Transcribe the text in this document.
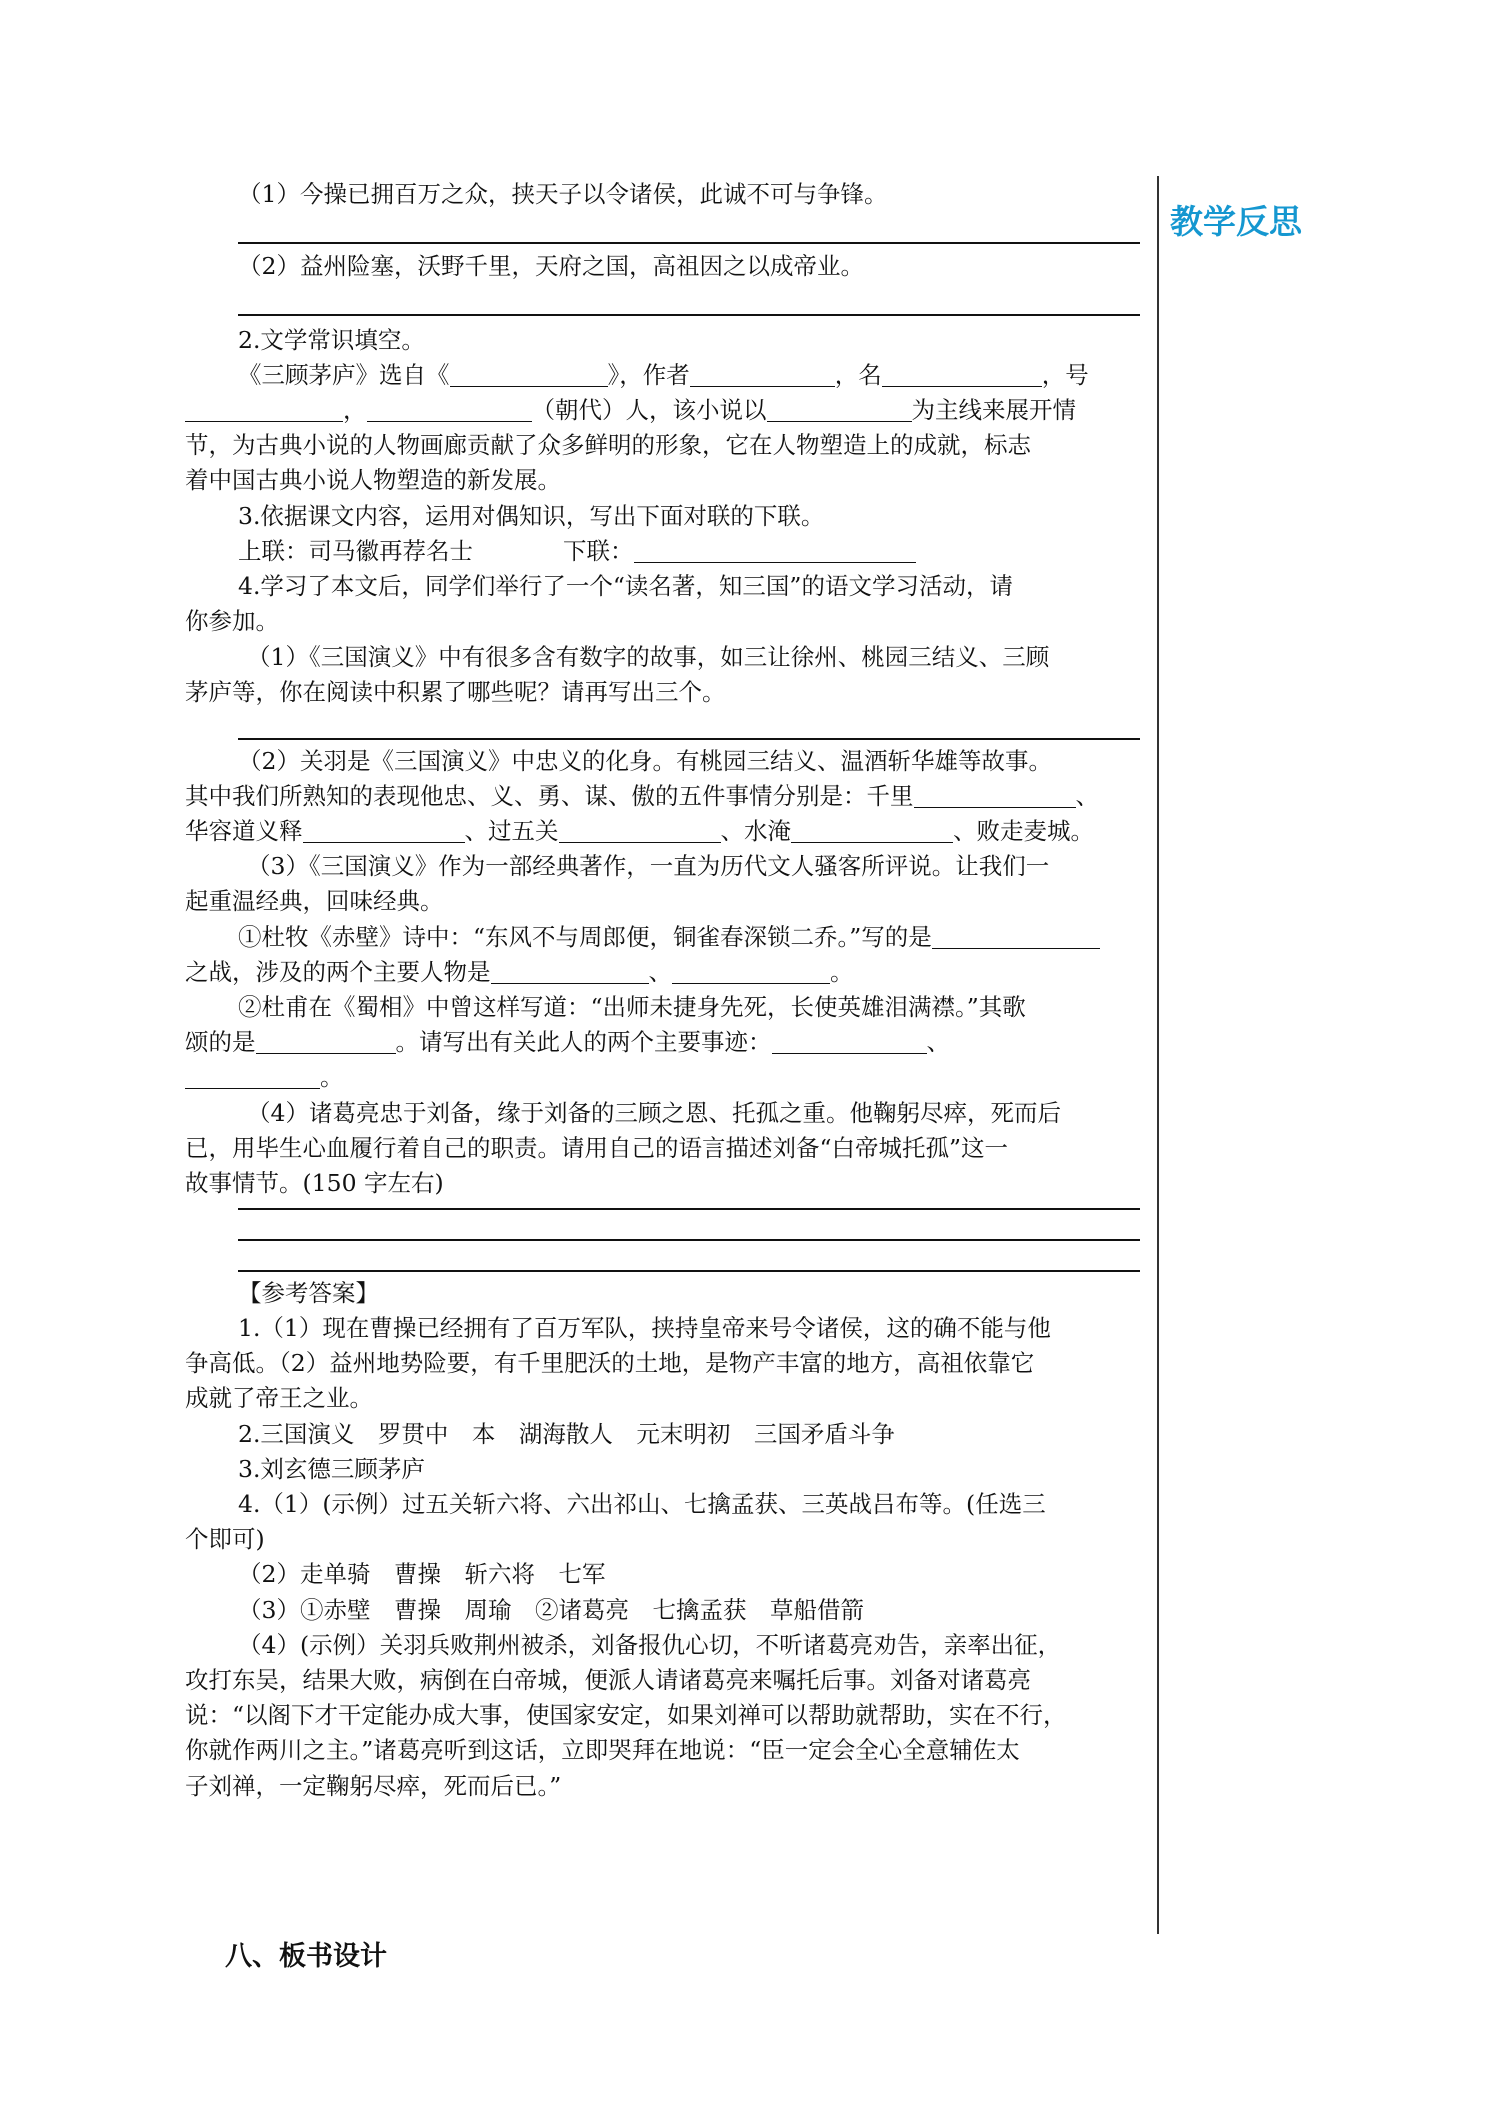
教学反思
（1）今操已拥百万之众，挟天子以令诸侯，此诚不可与争锋。
（2）益州险塞，沃野千里，天府之国，高祖因之以成帝业。
2.文学常识填空。
《三顾茅庐》选自《	》，作者	，名	，号
，	（朝代）人，该小说以	为主线来展开情
节，为古典小说的人物画廊贡献了众多鲜明的形象，它在人物塑造上的成就，标志
着中国古典小说人物塑造的新发展。
3.依据课文内容，运用对偶知识，写出下面对联的下联。
上联：司马徽再荐名士	下联：
4.学习了本文后，同学们举行了一个“读名著，知三国”的语文学习活动，请
你参加。
（1）《三国演义》中有很多含有数字的故事，如三让徐州、桃园三结义、三顾
茅庐等，你在阅读中积累了哪些呢？请再写出三个。
（2）关羽是《三国演义》中忠义的化身。有桃园三结义、温酒斩华雄等故事。
其中我们所熟知的表现他忠、义、勇、谋、傲的五件事情分别是：千里	、
华容道义释	、过五关	、水淹	、败走麦城。
（3）《三国演义》作为一部经典著作，一直为历代文人骚客所评说。让我们一
起重温经典，回味经典。
①杜牧《赤壁》诗中：“东风不与周郎便，铜雀春深锁二乔。”写的是
之战，涉及的两个主要人物是	、	。
②杜甫在《蜀相》中曾这样写道：“出师未捷身先死，长使英雄泪满襟。”其歌
颂的是	。请写出有关此人的两个主要事迹：	、
。
（4）诸葛亮忠于刘备，缘于刘备的三顾之恩、托孤之重。他鞠躬尽瘁，死而后
已，用毕生心血履行着自己的职责。请用自己的语言描述刘备“白帝城托孤”这一
故事情节。(150 字左右)
【参考答案】
1.（1）现在曹操已经拥有了百万军队，挟持皇帝来号令诸侯，这的确不能与他
争高低。（2）益州地势险要，有千里肥沃的土地，是物产丰富的地方，高祖依靠它
成就了帝王之业。
2.三国演义　罗贯中　本　湖海散人　元末明初　三国矛盾斗争
3.刘玄德三顾茅庐
4.（1）(示例）过五关斩六将、六出祁山、七擒孟获、三英战吕布等。(任选三
个即可)
（2）走单骑　曹操　斩六将　七军
（3）①赤壁　曹操　周瑜　②诸葛亮　七擒孟获　草船借箭
（4）(示例）关羽兵败荆州被杀，刘备报仇心切，不听诸葛亮劝告，亲率出征，
攻打东吴，结果大败，病倒在白帝城，便派人请诸葛亮来嘱托后事。刘备对诸葛亮
说：“以阁下才干定能办成大事，使国家安定，如果刘禅可以帮助就帮助，实在不行，
你就作两川之主。”诸葛亮听到这话，立即哭拜在地说：“臣一定会全心全意辅佐太
子刘禅，一定鞠躬尽瘁，死而后已。”
八、板书设计
